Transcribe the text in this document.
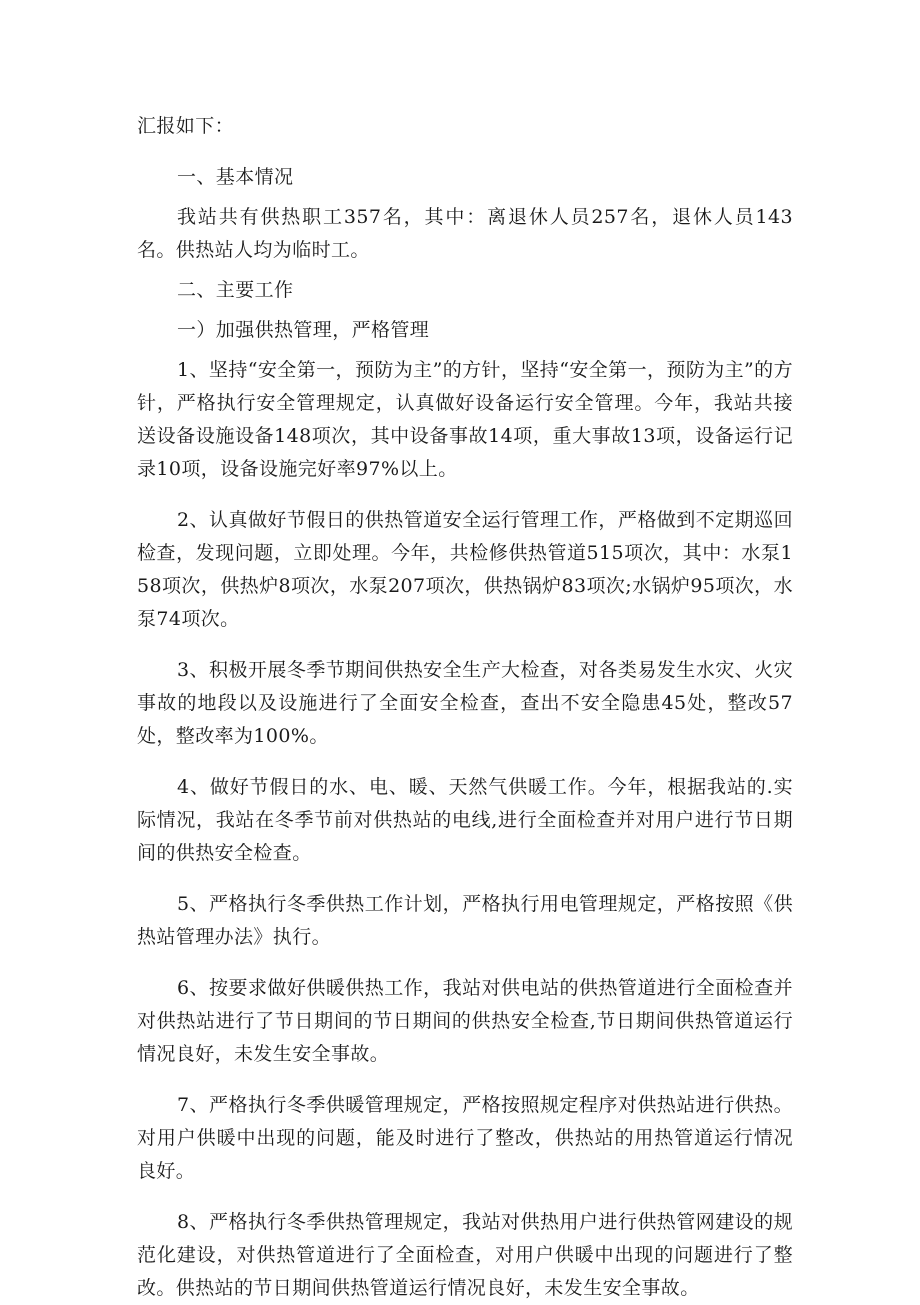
汇报如下：

一、基本情况

我站共有供热职工357名，其中：离退休人员257名，退休人员143名。供热站人均为临时工。

二、主要工作

一）加强供热管理，严格管理

1、坚持“安全第一，预防为主”的方针，坚持“安全第一，预防为主”的方针，严格执行安全管理规定，认真做好设备运行安全管理。今年，我站共接送设备设施设备148项次，其中设备事故14项，重大事故13项，设备运行记录10项，设备设施完好率97%以上。

2、认真做好节假日的供热管道安全运行管理工作，严格做到不定期巡回检查，发现问题，立即处理。今年，共检修供热管道515项次，其中：水泵158项次，供热炉8项次，水泵207项次，供热锅炉83项次;水锅炉95项次，水泵74项次。

3、积极开展冬季节期间供热安全生产大检查，对各类易发生水灾、火灾事故的地段以及设施进行了全面安全检查，查出不安全隐患45处，整改57处，整改率为100%。

4、做好节假日的水、电、暖、天然气供暖工作。今年，根据我站的.实际情况，我站在冬季节前对供热站的电线,进行全面检查并对用户进行节日期间的供热安全检查。

5、严格执行冬季供热工作计划，严格执行用电管理规定，严格按照《供热站管理办法》执行。

6、按要求做好供暖供热工作，我站对供电站的供热管道进行全面检查并对供热站进行了节日期间的节日期间的供热安全检查,节日期间供热管道运行情况良好，未发生安全事故。

7、严格执行冬季供暖管理规定，严格按照规定程序对供热站进行供热。对用户供暖中出现的问题，能及时进行了整改，供热站的用热管道运行情况良好。

8、严格执行冬季供热管理规定，我站对供热用户进行供热管网建设的规范化建设，对供热管道进行了全面检查，对用户供暖中出现的问题进行了整改。供热站的节日期间供热管道运行情况良好，未发生安全事故。
